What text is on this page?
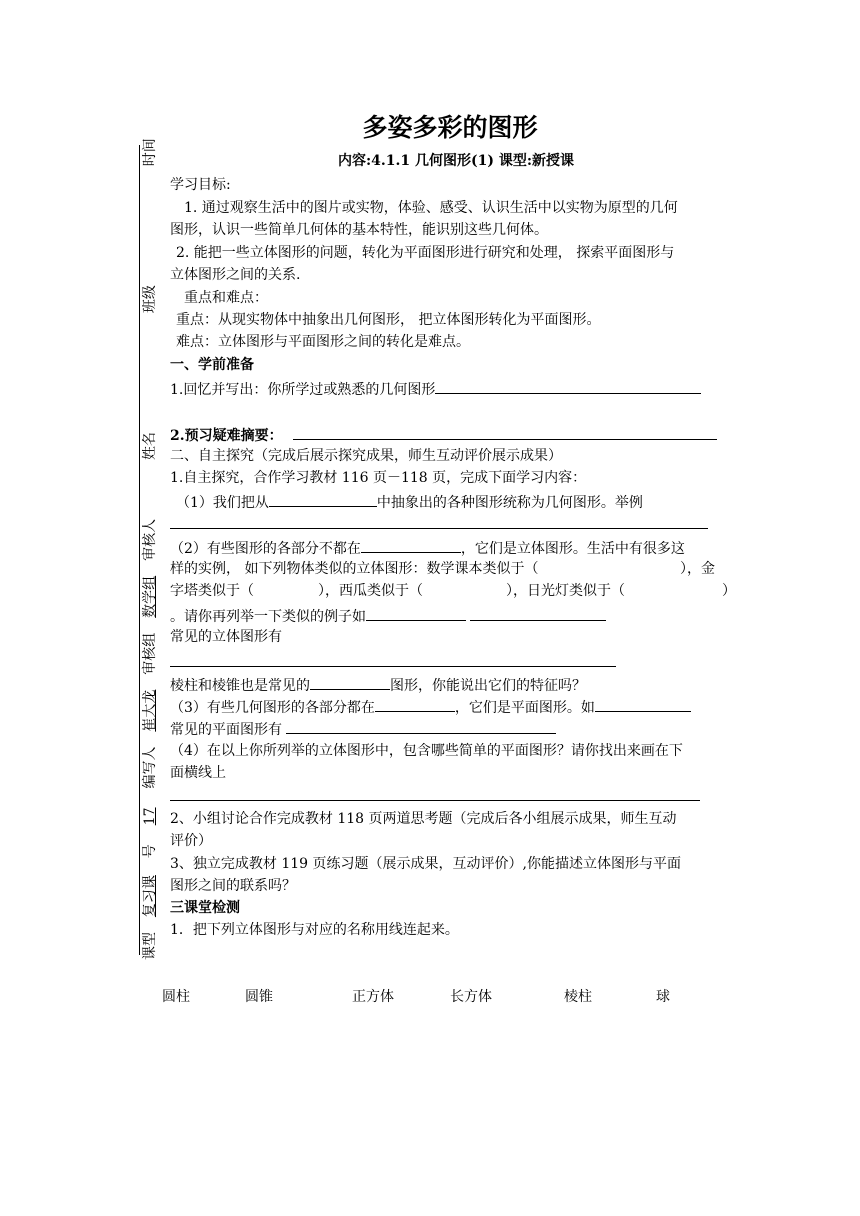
课型  复习课  号  17  编写人  崔大龙  审核组  数学组  审核人  姓名  班级  时间
多姿多彩的图形
内容:4.1.1 几何图形(1) 课型:新授课
学习目标:
1. 通过观察生活中的图片或实物，体验、感受、认识生活中以实物为原型的几何
图形，认识一些简单几何体的基本特性，能识别这些几何体。
2. 能把一些立体图形的问题，转化为平面图形进行研究和处理， 探索平面图形与
立体图形之间的关系.
重点和难点：
重点：从现实物体中抽象出几何图形， 把立体图形转化为平面图形。
难点：立体图形与平面图形之间的转化是难点。
一、学前准备
1.回忆并写出：你所学过或熟悉的几何图形
2.预习疑难摘要：
二、自主探究（完成后展示探究成果，师生互动评价展示成果）
1.自主探究，合作学习教材 116 页－118 页，完成下面学习内容：
（1）我们把从	中抽象出的各种图形统称为几何图形。举例
（2）有些图形的各部分不都在	，它们是立体图形。生活中有很多这
样的实例， 如下列物体类似的立体图形：数学课本类似于（	），金
字塔类似于（	），西瓜类似于（	），日光灯类似于（	）
。请你再列举一下类似的例子如
常见的立体图形有
棱柱和棱锥也是常见的	图形，你能说出它们的特征吗？
（3）有些几何图形的各部分都在	，它们是平面图形。如
常见的平面图形有
（4）在以上你所列举的立体图形中，包含哪些简单的平面图形？请你找出来画在下
面横线上
2、小组讨论合作完成教材 118 页两道思考题（完成后各小组展示成果，师生互动
评价）
3、独立完成教材 119 页练习题（展示成果，互动评价）,你能描述立体图形与平面
图形之间的联系吗？
三课堂检测
1．把下列立体图形与对应的名称用线连起来。
圆柱	圆锥	正方体	长方体	棱柱	球
